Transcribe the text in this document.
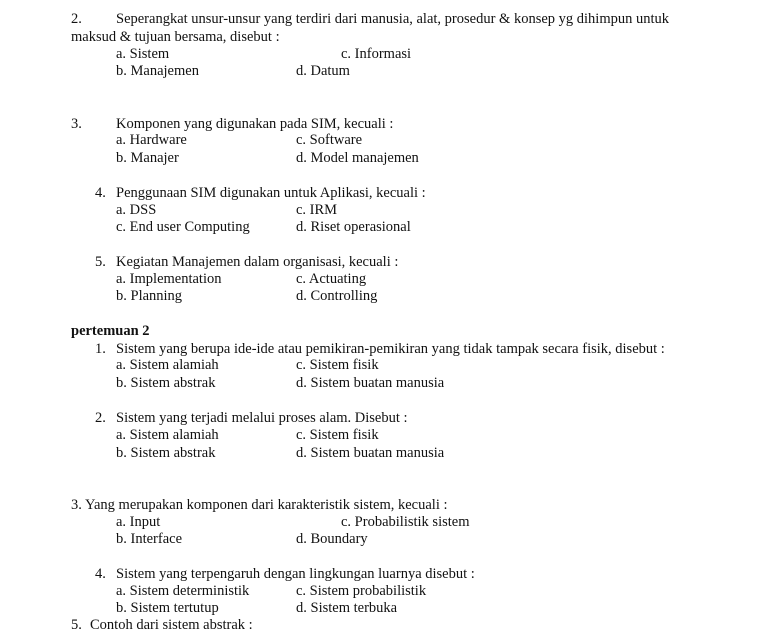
2. Seperangkat unsur-unsur yang terdiri dari manusia, alat, prosedur & konsep yg dihimpun untuk
maksud & tujuan bersama, disebut :
a. Sistem	c. Informasi
b. Manajemen	d. Datum
3. Komponen yang digunakan pada SIM, kecuali :
a. Hardware	c. Software
b. Manajer	d. Model manajemen
4. Penggunaan SIM digunakan untuk Aplikasi, kecuali :
a. DSS	c. IRM
c. End user Computing	d. Riset operasional
5. Kegiatan Manajemen dalam organisasi, kecuali :
a. Implementation	c. Actuating
b. Planning	d. Controlling
pertemuan 2
1. Sistem yang berupa ide-ide atau pemikiran-pemikiran yang tidak tampak secara fisik, disebut :
a. Sistem alamiah	c. Sistem fisik
b. Sistem abstrak	d. Sistem buatan manusia
2. Sistem yang terjadi melalui proses alam. Disebut :
a. Sistem alamiah	c. Sistem fisik
b. Sistem abstrak	d. Sistem buatan manusia
3. Yang merupakan komponen dari karakteristik sistem, kecuali :
a. Input	c. Probabilistik sistem
b. Interface	d. Boundary
4. Sistem yang terpengaruh dengan lingkungan luarnya disebut :
a. Sistem deterministik	c. Sistem probabilistik
b. Sistem tertutup	d. Sistem terbuka
5. Contoh dari sistem abstrak :
